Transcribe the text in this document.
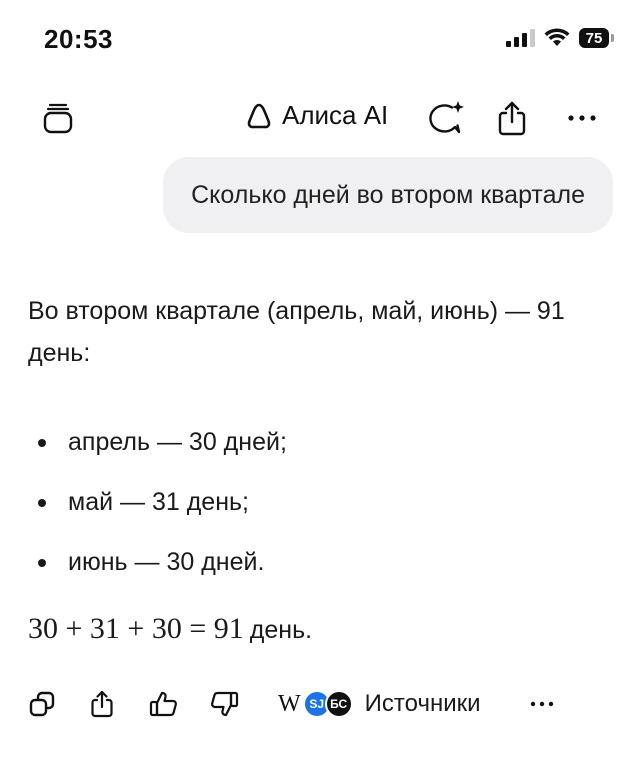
20:53	75
Алиса AI
Сколько дней во втором квартале
Во втором квартале (апрель, май, июнь) — 91 день:
апрель — 30 дней;
май — 31 день;
июнь — 30 дней.
30 + 31 + 30 = 91 день.
W SJ БС Источники
